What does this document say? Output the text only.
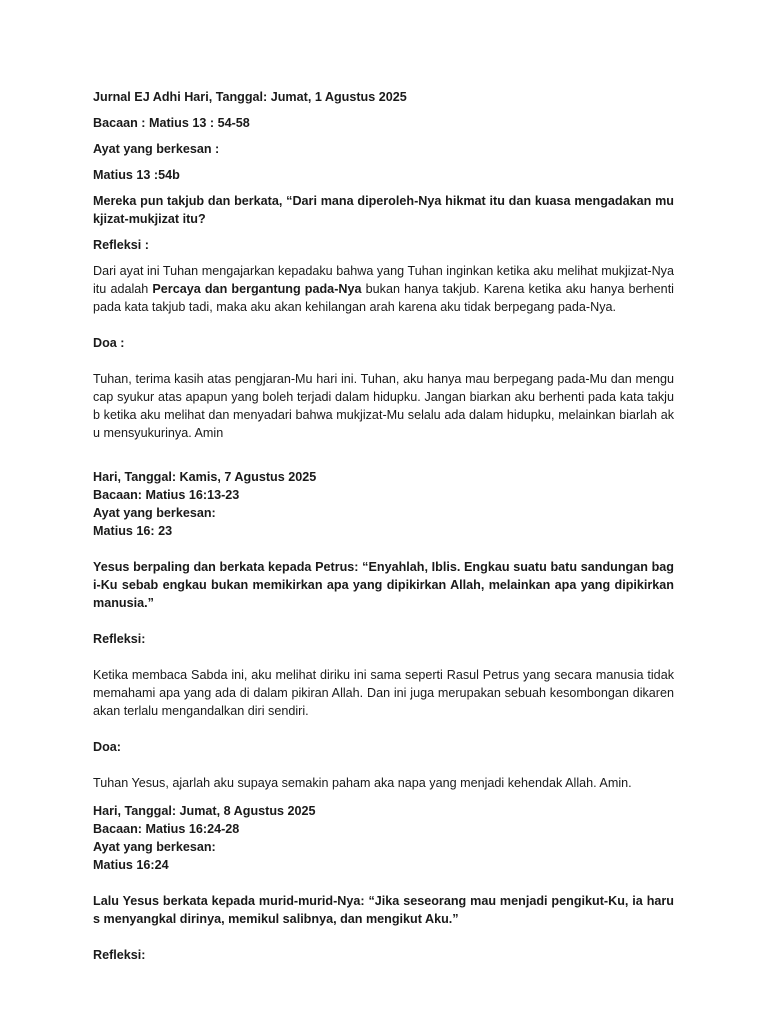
Jurnal EJ Adhi Hari, Tanggal: Jumat, 1 Agustus 2025

Bacaan : Matius 13 : 54-58

Ayat yang berkesan :

Matius 13 :54b

Mereka pun takjub dan berkata, “Dari mana diperoleh-Nya hikmat itu dan kuasa mengadakan mukjizat-mukjizat itu?

Refleksi :

Dari ayat ini Tuhan mengajarkan kepadaku bahwa yang Tuhan inginkan ketika aku melihat mukjizat-Nya itu adalah Percaya dan bergantung pada-Nya bukan hanya takjub. Karena ketika aku hanya berhenti pada kata takjub tadi, maka aku akan kehilangan arah karena aku tidak berpegang pada-Nya.

Doa :

Tuhan, terima kasih atas pengjaran-Mu hari ini. Tuhan, aku hanya mau berpegang pada-Mu dan mengucap syukur atas apapun yang boleh terjadi dalam hidupku. Jangan biarkan aku berhenti pada kata takjub ketika aku melihat dan menyadari bahwa mukjizat-Mu selalu ada dalam hidupku, melainkan biarlah aku mensyukurinya. Amin

Hari, Tanggal: Kamis, 7 Agustus 2025

Bacaan: Matius 16:13-23

Ayat yang berkesan:

Matius 16: 23

Yesus berpaling dan berkata kepada Petrus: “Enyahlah, Iblis. Engkau suatu batu sandungan bagi-Ku sebab engkau bukan memikirkan apa yang dipikirkan Allah, melainkan apa yang dipikirkan manusia.”

Refleksi:

Ketika membaca Sabda ini, aku melihat diriku ini sama seperti Rasul Petrus yang secara manusia tidak memahami apa yang ada di dalam pikiran Allah. Dan ini juga merupakan sebuah kesombongan dikarenakan terlalu mengandalkan diri sendiri.

Doa:

Tuhan Yesus, ajarlah aku supaya semakin paham aka napa yang menjadi kehendak Allah. Amin.

Hari, Tanggal: Jumat, 8 Agustus 2025

Bacaan: Matius 16:24-28

Ayat yang berkesan:

Matius 16:24

Lalu Yesus berkata kepada murid-murid-Nya: “Jika seseorang mau menjadi pengikut-Ku, ia harus menyangkal dirinya, memikul salibnya, dan mengikut Aku.”

Refleksi:
